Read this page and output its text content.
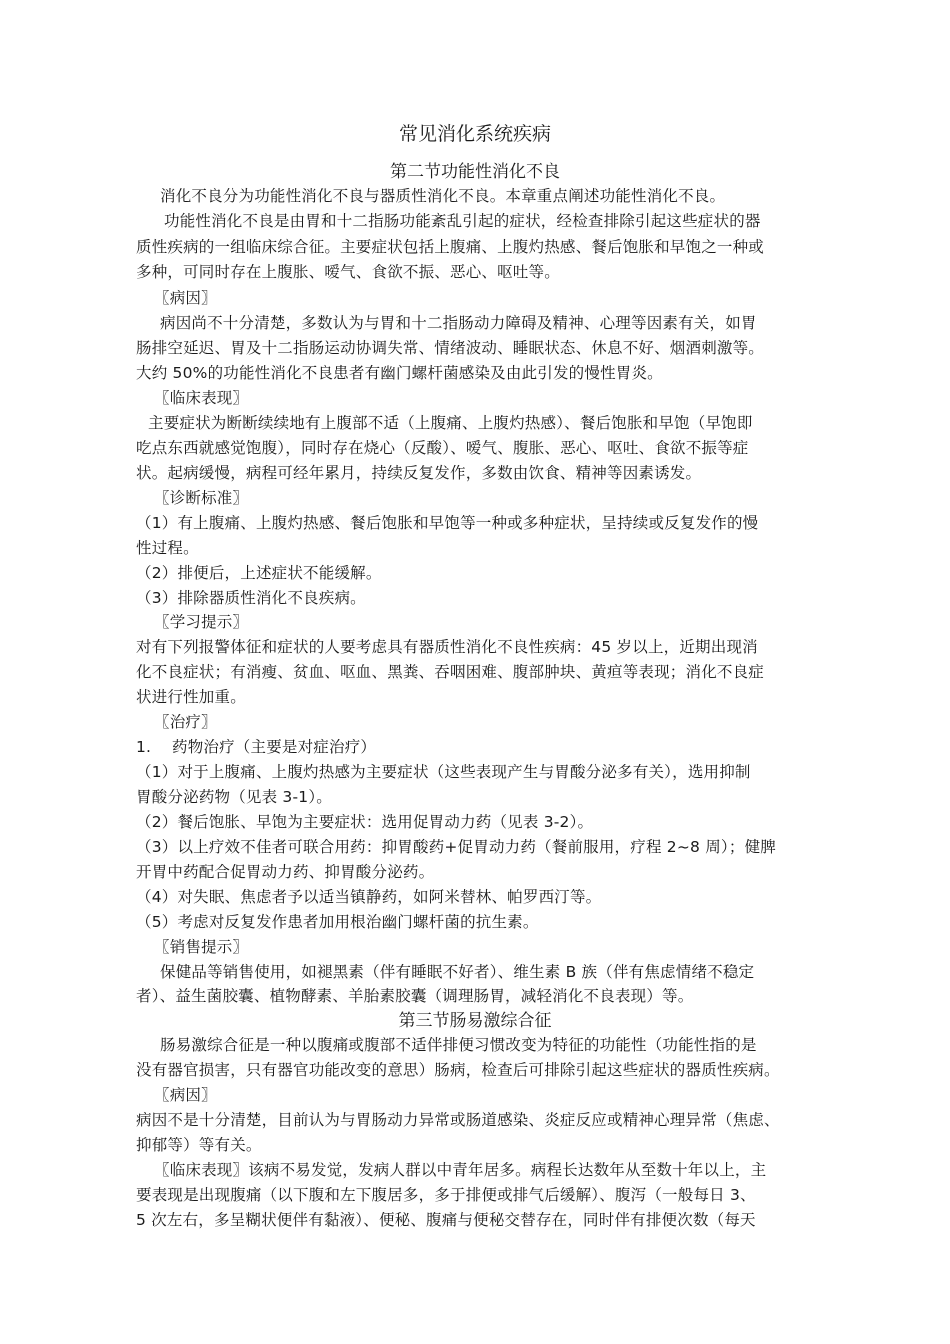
常见消化系统疾病
第二节功能性消化不良
消化不良分为功能性消化不良与器质性消化不良。本章重点阐述功能性消化不良。
功能性消化不良是由胃和十二指肠功能紊乱引起的症状，经检查排除引起这些症状的器
质性疾病的一组临床综合征。主要症状包括上腹痛、上腹灼热感、餐后饱胀和早饱之一种或
多种，可同时存在上腹胀、嗳气、食欲不振、恶心、呕吐等。
〖病因〗
病因尚不十分清楚，多数认为与胃和十二指肠动力障碍及精神、心理等因素有关，如胃
肠排空延迟、胃及十二指肠运动协调失常、情绪波动、睡眠状态、休息不好、烟酒刺激等。
大约 50%的功能性消化不良患者有幽门螺杆菌感染及由此引发的慢性胃炎。
〖临床表现〗
主要症状为断断续续地有上腹部不适（上腹痛、上腹灼热感）、餐后饱胀和早饱（早饱即
吃点东西就感觉饱腹），同时存在烧心（反酸）、嗳气、腹胀、恶心、呕吐、食欲不振等症
状。起病缓慢，病程可经年累月，持续反复发作，多数由饮食、精神等因素诱发。
〖诊断标准〗
（1）有上腹痛、上腹灼热感、餐后饱胀和早饱等一种或多种症状，呈持续或反复发作的慢
性过程。
（2）排便后，上述症状不能缓解。
（3）排除器质性消化不良疾病。
〖学习提示〗
对有下列报警体征和症状的人要考虑具有器质性消化不良性疾病：45 岁以上，近期出现消
化不良症状；有消瘦、贫血、呕血、黑粪、吞咽困难、腹部肿块、黄疸等表现；消化不良症
状进行性加重。
〖治疗〗
1.	药物治疗（主要是对症治疗）
（1）对于上腹痛、上腹灼热感为主要症状（这些表现产生与胃酸分泌多有关），选用抑制
胃酸分泌药物（见表 3-1）。
（2）餐后饱胀、早饱为主要症状：选用促胃动力药（见表 3-2）。
（3）以上疗效不佳者可联合用药：抑胃酸药+促胃动力药（餐前服用，疗程 2~8 周）；健脾
开胃中药配合促胃动力药、抑胃酸分泌药。
（4）对失眠、焦虑者予以适当镇静药，如阿米替林、帕罗西汀等。
（5）考虑对反复发作患者加用根治幽门螺杆菌的抗生素。
〖销售提示〗
保健品等销售使用，如褪黑素（伴有睡眠不好者）、维生素 B 族（伴有焦虑情绪不稳定
者）、益生菌胶囊、植物酵素、羊胎素胶囊（调理肠胃，减轻消化不良表现）等。
第三节肠易激综合征
肠易激综合征是一种以腹痛或腹部不适伴排便习惯改变为特征的功能性（功能性指的是
没有器官损害，只有器官功能改变的意思）肠病，检查后可排除引起这些症状的器质性疾病。
〖病因〗
病因不是十分清楚，目前认为与胃肠动力异常或肠道感染、炎症反应或精神心理异常（焦虑、
抑郁等）等有关。
〖临床表现〗该病不易发觉，发病人群以中青年居多。病程长达数年从至数十年以上，主
要表现是出现腹痛（以下腹和左下腹居多，多于排便或排气后缓解）、腹泻（一般每日 3、
5 次左右，多呈糊状便伴有黏液）、便秘、腹痛与便秘交替存在，同时伴有排便次数（每天
